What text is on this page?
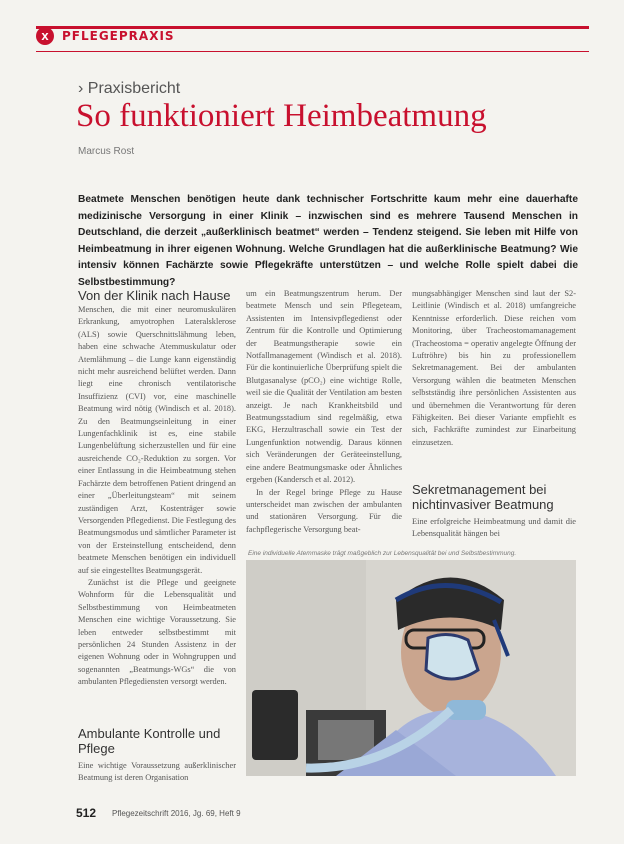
x	PFLEGEPRAXIS
› Praxisbericht
So funktioniert Heimbeatmung
Marcus Rost
Beatmete Menschen benötigen heute dank technischer Fortschritte kaum mehr eine dauerhafte medizinische Versorgung in einer Klinik – inzwischen sind es mehrere Tausend Menschen in Deutschland, die derzeit „außerklinisch beatmet“ werden – Tendenz steigend. Sie leben mit Hilfe von Heimbeatmung in ihrer eigenen Wohnung. Welche Grundlagen hat die außerklinische Beatmung? Wie intensiv können Fachärzte sowie Pflegekräfte unterstützen – und welche Rolle spielt dabei die Selbstbestimmung?
Von der Klinik nach Hause

Menschen, die mit einer neuromuskulären Erkrankung, amyotrophen Lateralsklerose (ALS) sowie Querschnittslähmung leben, haben eine schwache Atemmuskulatur oder Atemlähmung – die Lunge kann eigenständig nicht mehr ausreichend belüftet werden. Dann liegt eine chronisch ventilatorische Insuffizienz (CVI) vor, eine maschinelle Beatmung wird nötig (Windisch et al. 2018). Zu den Beatmungseinleitung in einer Lungenfachklinik ist es, eine stabile Lungenbelüftung sicherzustellen und für eine ausreichende CO₂-Reduktion zu sorgen. Vor einer Entlassung in die Heimbeatmung stehen Fachärzte dem betroffenen Patient dringend an einer „Überleitungsteam“ mit seinem zuständigen Arzt, Kostenträger sowie Versorgenden Pflegedienst. Die Festlegung des Beatmungsmodus und sämtlicher Parameter ist von der Ersteinstellung entscheidend, denn beatmete Menschen benötigen ein individuell auf sie eingestelltes Beatmungsgerät.

Zunächst ist die Pflege und geeignete Wohnform für die Lebensqualität und Selbstbestimmung von Heimbeatmeten Menschen eine wichtige Voraussetzung. Sie leben entweder selbstbestimmt mit persönlichen 24 Stunden Assistenz in der eigenen Wohnung oder in Wohngruppen und sogenannten „Beatmungs-WGs“ die von ambulanten Pflegediensten versorgt werden.

Ambulante Kontrolle und Pflege

Eine wichtige Voraussetzung außerklinischer Beatmung ist deren Organisation

um ein Beatmungszentrum herum. Der beatmete Mensch und sein Pflegeteam, Assistenten im Intensivpflegedienst oder Zentrum für die Kontrolle und Optimierung der Beatmungstherapie sowie ein Notfallmanagement (Windisch et al. 2018). Für die kontinuierliche Überprüfung spielt die Blutgasanalyse (pCO₂) eine wichtige Rolle, weil sie die Qualität der Ventilation am besten anzeigt. Je nach Krankheitsbild und Beatmungsstadium sind regelmäßig, etwa EKG, Herzultraschall sowie ein Test der Lungenfunktion notwendig. Daraus können sich Veränderungen der Geräteeinstellung, eine andere Beatmungsmaske oder Ähnliches ergeben (Kandersch et al. 2012).

In der Regel bringe Pflege zu Hause unterscheidet man zwischen der ambulanten und stationären Versorgung. Für die fachpflegerische Versorgung beat-

mungsabhängiger Menschen sind laut der S2-Leitlinie (Windisch et al. 2018) umfangreiche Kenntnisse erforderlich. Diese reichen vom Monitoring, über Tracheostomamanagement (Tracheostoma = operativ angelegte Öffnung der Luftröhre) bis hin zu professionellem Sekretmanagement. Bei der ambulanten Versorgung wählen die beatmeten Menschen selbstständig ihre persönlichen Assistenten aus und übernehmen die Verantwortung für deren Fähigkeiten. Bei dieser Variante empfiehlt es sich, Fachkräfte zumindest zur Einarbeitung einzusetzen.

Sekretmanagement bei nichtinvasiver Beatmung

Eine erfolgreiche Heimbeatmung und damit die Lebensqualität hängen bei

Eine individuelle Atemmaske trägt maßgeblich zur Lebensqualität bei und Selbstbestimmung.
512 Pflegezeitschrift 2016, Jg. 69, Heft 9
